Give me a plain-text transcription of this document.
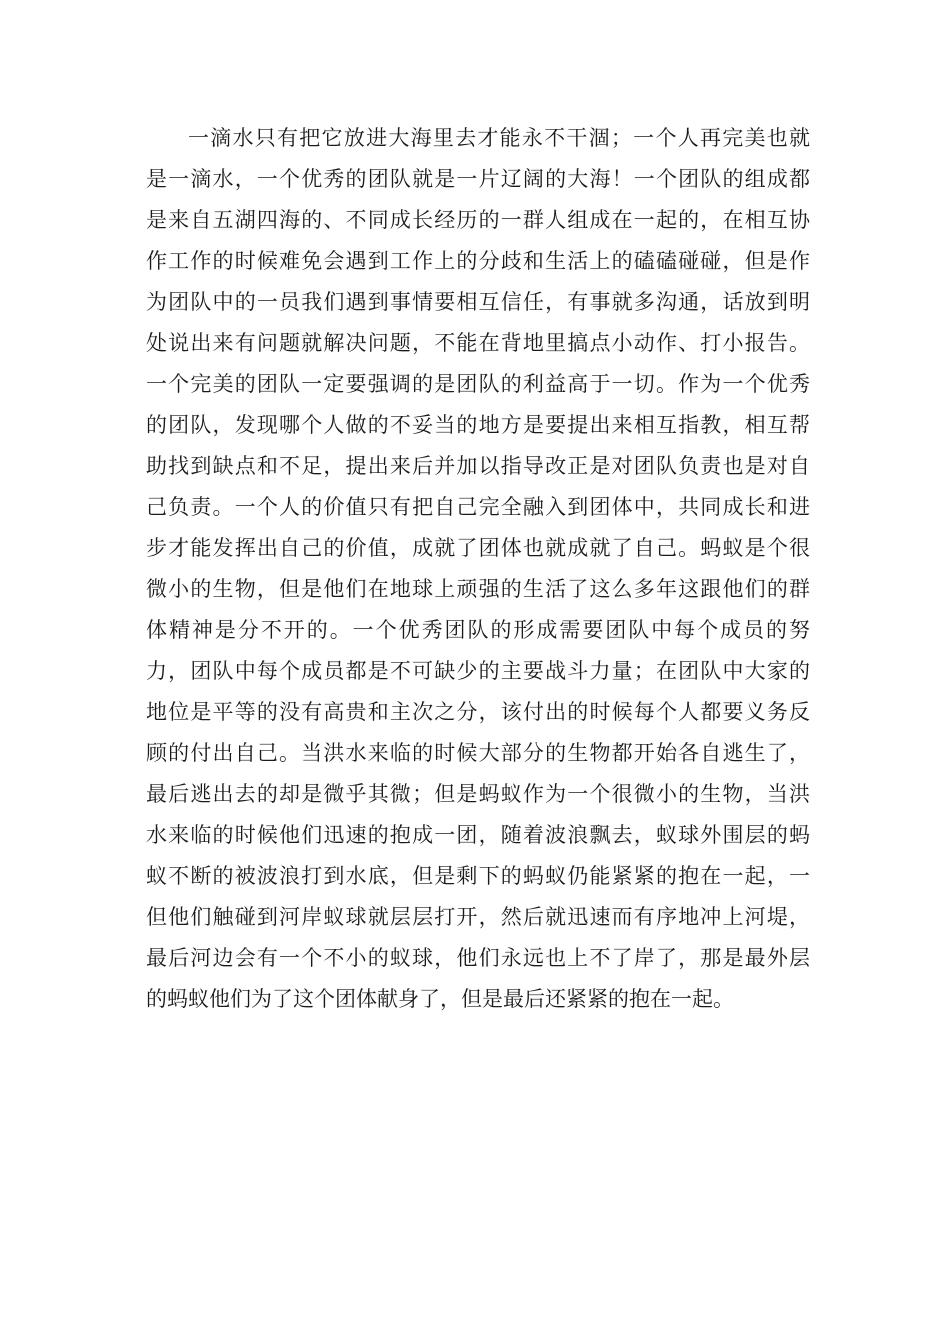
一滴水只有把它放进大海里去才能永不干涸；一个人再完美也就
是一滴水，一个优秀的团队就是一片辽阔的大海！一个团队的组成都
是来自五湖四海的、不同成长经历的一群人组成在一起的，在相互协
作工作的时候难免会遇到工作上的分歧和生活上的磕磕碰碰，但是作
为团队中的一员我们遇到事情要相互信任，有事就多沟通，话放到明
处说出来有问题就解决问题，不能在背地里搞点小动作、打小报告。
一个完美的团队一定要强调的是团队的利益高于一切。作为一个优秀
的团队，发现哪个人做的不妥当的地方是要提出来相互指教，相互帮
助找到缺点和不足，提出来后并加以指导改正是对团队负责也是对自
己负责。一个人的价值只有把自己完全融入到团体中，共同成长和进
步才能发挥出自己的价值，成就了团体也就成就了自己。蚂蚁是个很
微小的生物，但是他们在地球上顽强的生活了这么多年这跟他们的群
体精神是分不开的。一个优秀团队的形成需要团队中每个成员的努
力，团队中每个成员都是不可缺少的主要战斗力量；在团队中大家的
地位是平等的没有高贵和主次之分，该付出的时候每个人都要义务反
顾的付出自己。当洪水来临的时候大部分的生物都开始各自逃生了，
最后逃出去的却是微乎其微；但是蚂蚁作为一个很微小的生物，当洪
水来临的时候他们迅速的抱成一团，随着波浪飘去，蚁球外围层的蚂
蚁不断的被波浪打到水底，但是剩下的蚂蚁仍能紧紧的抱在一起，一
但他们触碰到河岸蚁球就层层打开，然后就迅速而有序地冲上河堤，
最后河边会有一个不小的蚁球，他们永远也上不了岸了，那是最外层
的蚂蚁他们为了这个团体献身了，但是最后还紧紧的抱在一起。
